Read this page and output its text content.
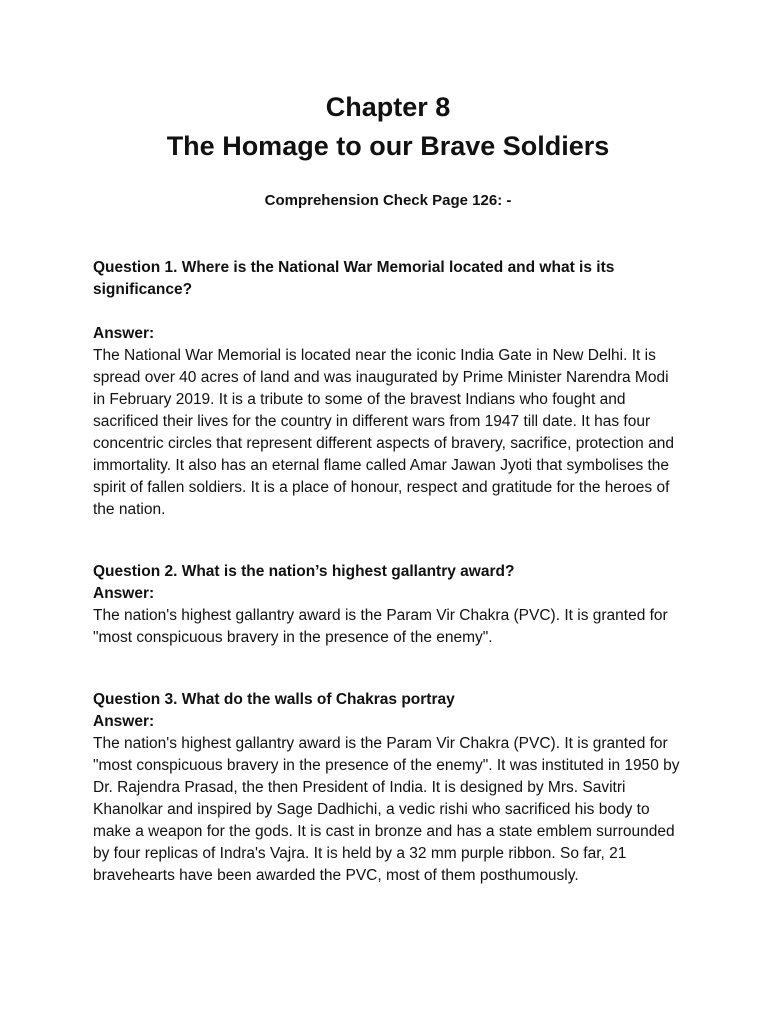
Chapter 8
The Homage to our Brave Soldiers

Comprehension Check Page 126: -

Question 1. Where is the National War Memorial located and what is its significance?

Answer:

The National War Memorial is located near the iconic India Gate in New Delhi. It is spread over 40 acres of land and was inaugurated by Prime Minister Narendra Modi in February 2019. It is a tribute to some of the bravest Indians who fought and sacrificed their lives for the country in different wars from 1947 till date. It has four concentric circles that represent different aspects of bravery, sacrifice, protection and immortality. It also has an eternal flame called Amar Jawan Jyoti that symbolises the spirit of fallen soldiers. It is a place of honour, respect and gratitude for the heroes of the nation.

Question 2. What is the nation’s highest gallantry award?

Answer:

The nation's highest gallantry award is the Param Vir Chakra (PVC). It is granted for "most conspicuous bravery in the presence of the enemy".

Question 3. What do the walls of Chakras portray

Answer:

The nation's highest gallantry award is the Param Vir Chakra (PVC). It is granted for "most conspicuous bravery in the presence of the enemy". It was instituted in 1950 by Dr. Rajendra Prasad, the then President of India. It is designed by Mrs. Savitri Khanolkar and inspired by Sage Dadhichi, a vedic rishi who sacrificed his body to make a weapon for the gods. It is cast in bronze and has a state emblem surrounded by four replicas of Indra's Vajra. It is held by a 32 mm purple ribbon. So far, 21 bravehearts have been awarded the PVC, most of them posthumously.
